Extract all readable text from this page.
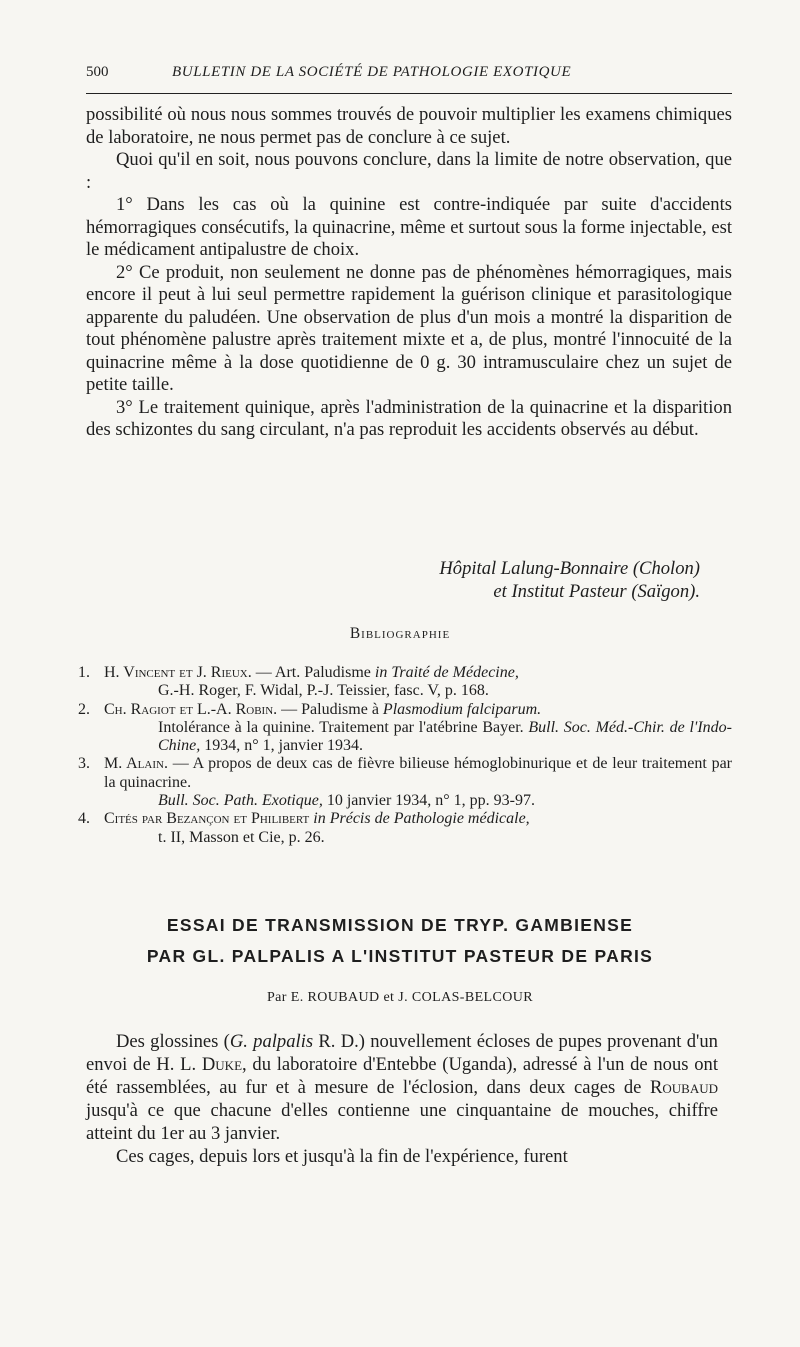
500	BULLETIN DE LA SOCIÉTÉ DE PATHOLOGIE EXOTIQUE

possibilité où nous nous sommes trouvés de pouvoir multiplier les examens chimiques de laboratoire, ne nous permet pas de conclure à ce sujet.

Quoi qu'il en soit, nous pouvons conclure, dans la limite de notre observation, que :

1° Dans les cas où la quinine est contre-indiquée par suite d'accidents hémorragiques consécutifs, la quinacrine, même et surtout sous la forme injectable, est le médicament antipalustre de choix.

2° Ce produit, non seulement ne donne pas de phénomènes hémorragiques, mais encore il peut à lui seul permettre rapidement la guérison clinique et parasitologique apparente du paludéen. Une observation de plus d'un mois a montré la disparition de tout phénomène palustre après traitement mixte et a, de plus, montré l'innocuité de la quinacrine même à la dose quotidienne de 0 g. 30 intramusculaire chez un sujet de petite taille.

3° Le traitement quinique, après l'administration de la quinacrine et la disparition des schizontes du sang circulant, n'a pas reproduit les accidents observés au début.

Hôpital Lalung-Bonnaire (Cholon)
et Institut Pasteur (Saïgon).
Bibliographie
1. H. Vincent et J. Rieux. — Art. Paludisme in Traité de Médecine,
G.-H. Roger, F. Widal, P.-J. Teissier, fasc. V, p. 168.
2. Ch. Ragiot et L.-A. Robin. — Paludisme à Plasmodium falciparum.
Intolérance à la quinine. Traitement par l'atébrine Bayer. Bull. Soc. Méd.-Chir. de l'Indo-Chine, 1934, n° 1, janvier 1934.
3. M. Alain. — A propos de deux cas de fièvre bilieuse hémoglobinurique et de leur traitement par la quinacrine.
Bull. Soc. Path. Exotique, 10 janvier 1934, n° 1, pp. 93-97.
4. Cités par Bezançon et Philibert in Précis de Pathologie médicale,
t. II, Masson et Cie, p. 26.
ESSAI DE TRANSMISSION DE TRYP. GAMBIENSE
PAR GL. PALPALIS A L'INSTITUT PASTEUR DE PARIS
Par E. ROUBAUD et J. COLAS-BELCOUR

Des glossines (G. palpalis R. D.) nouvellement écloses de pupes provenant d'un envoi de H. L. Duke, du laboratoire d'Entebbe (Uganda), adressé à l'un de nous ont été rassemblées, au fur et à mesure de l'éclosion, dans deux cages de Roubaud jusqu'à ce que chacune d'elles contienne une cinquantaine de mouches, chiffre atteint du 1er au 3 janvier.

Ces cages, depuis lors et jusqu'à la fin de l'expérience, furent
